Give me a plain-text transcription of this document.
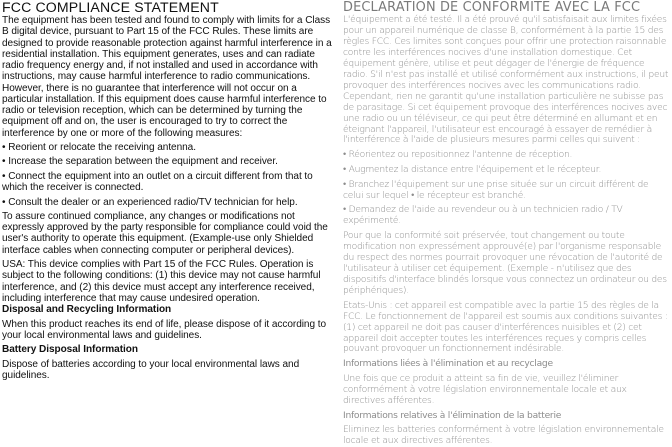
FCC COMPLIANCE STATEMENT

The equipment has been tested and found to comply with limits for a Class B digital device, pursuant to Part 15 of the FCC Rules. These limits are designed to provide reasonable protection against harmful interference in a residential installation. This equipment generates, uses and can radiate radio frequency energy and, if not installed and used in accordance with instructions, may cause harmful interference to radio communications. However, there is no guarantee that interference will not occur on a particular installation. If this equipment does cause harmful interference to radio or television reception, which can be determined by turning the equipment off and on, the user is encouraged to try to correct the interference by one or more of the following measures:

• Reorient or relocate the receiving antenna.

• Increase the separation between the equipment and receiver.

• Connect the equipment into an outlet on a circuit different from that to which the receiver is connected.

• Consult the dealer or an experienced radio/TV technician for help.

To assure continued compliance, any changes or modifications not expressly approved by the party responsible for compliance could void the user's authority to operate this equipment. (Example-use only Shielded interface cables when connecting computer or peripheral devices).

USA: This device complies with Part 15 of the FCC Rules. Operation is subject to the following conditions: (1) this device may not cause harmful interference, and (2) this device must accept any interference received, including interference that may cause undesired operation.

Disposal and Recycling Information

When this product reaches its end of life, please dispose of it according to your local environmental laws and guidelines.

Battery Disposal Information

Dispose of batteries according to your local environmental laws and guidelines.

DECLARATION DE CONFORMITE AVEC LA FCC

L'équipement a été testé. Il a été prouvé qu'il satisfaisait aux limites fixées pour un appareil numérique de classe B, conformément à la partie 15 des règles FCC. Ces limites sont conçues pour offrir une protection raisonnable contre les interférences nocives d'une installation domestique. Cet équipement génère, utilise et peut dégager de l'énergie de fréquence radio. S'il n'est pas installé et utilisé conformément aux instructions, il peut provoquer des interférences nocives avec les communications radio. Cependant, rien ne garantit qu'une installation particulière ne subisse pas de parasitage. Si cet équipement provoque des interférences nocives avec une radio ou un téléviseur, ce qui peut être déterminé en allumant et en éteignant l'appareil, l'utilisateur est encouragé à essayer de remédier à l'interférence à l'aide de plusieurs mesures parmi celles qui suivent :

• Réorientez ou repositionnez l'antenne de réception.

• Augmentez la distance entre l'équipement et le récepteur.

• Branchez l'équipement sur une prise située sur un circuit différent de celui sur lequel • le récepteur est branché.

• Demandez de l'aide au revendeur ou à un technicien radio / TV expérimenté.

Pour que la conformité soit préservée, tout changement ou toute modification non expressément approuvé(e) par l'organisme responsable du respect des normes pourrait provoquer une révocation de l'autorité de l'utilisateur à utiliser cet équipement. (Exemple - n'utilisez que des dispositifs d'interface blindés lorsque vous connectez un ordinateur ou des périphériques).

Etats-Unis : cet appareil est compatible avec la partie 15 des règles de la FCC. Le fonctionnement de l'appareil est soumis aux conditions suivantes : (1) cet appareil ne doit pas causer d'interférences nuisibles et (2) cet appareil doit accepter toutes les interférences reçues y compris celles pouvant provoquer un fonctionnement indésirable.

Informations liées à l'élimination et au recyclage

Une fois que ce produit a atteint sa fin de vie, veuillez l'éliminer conformément à votre législation environnementale locale et aux directives afférentes.

Informations relatives à l'élimination de la batterie

Eliminez les batteries conformément à votre législation environnementale locale et aux directives afférentes.
